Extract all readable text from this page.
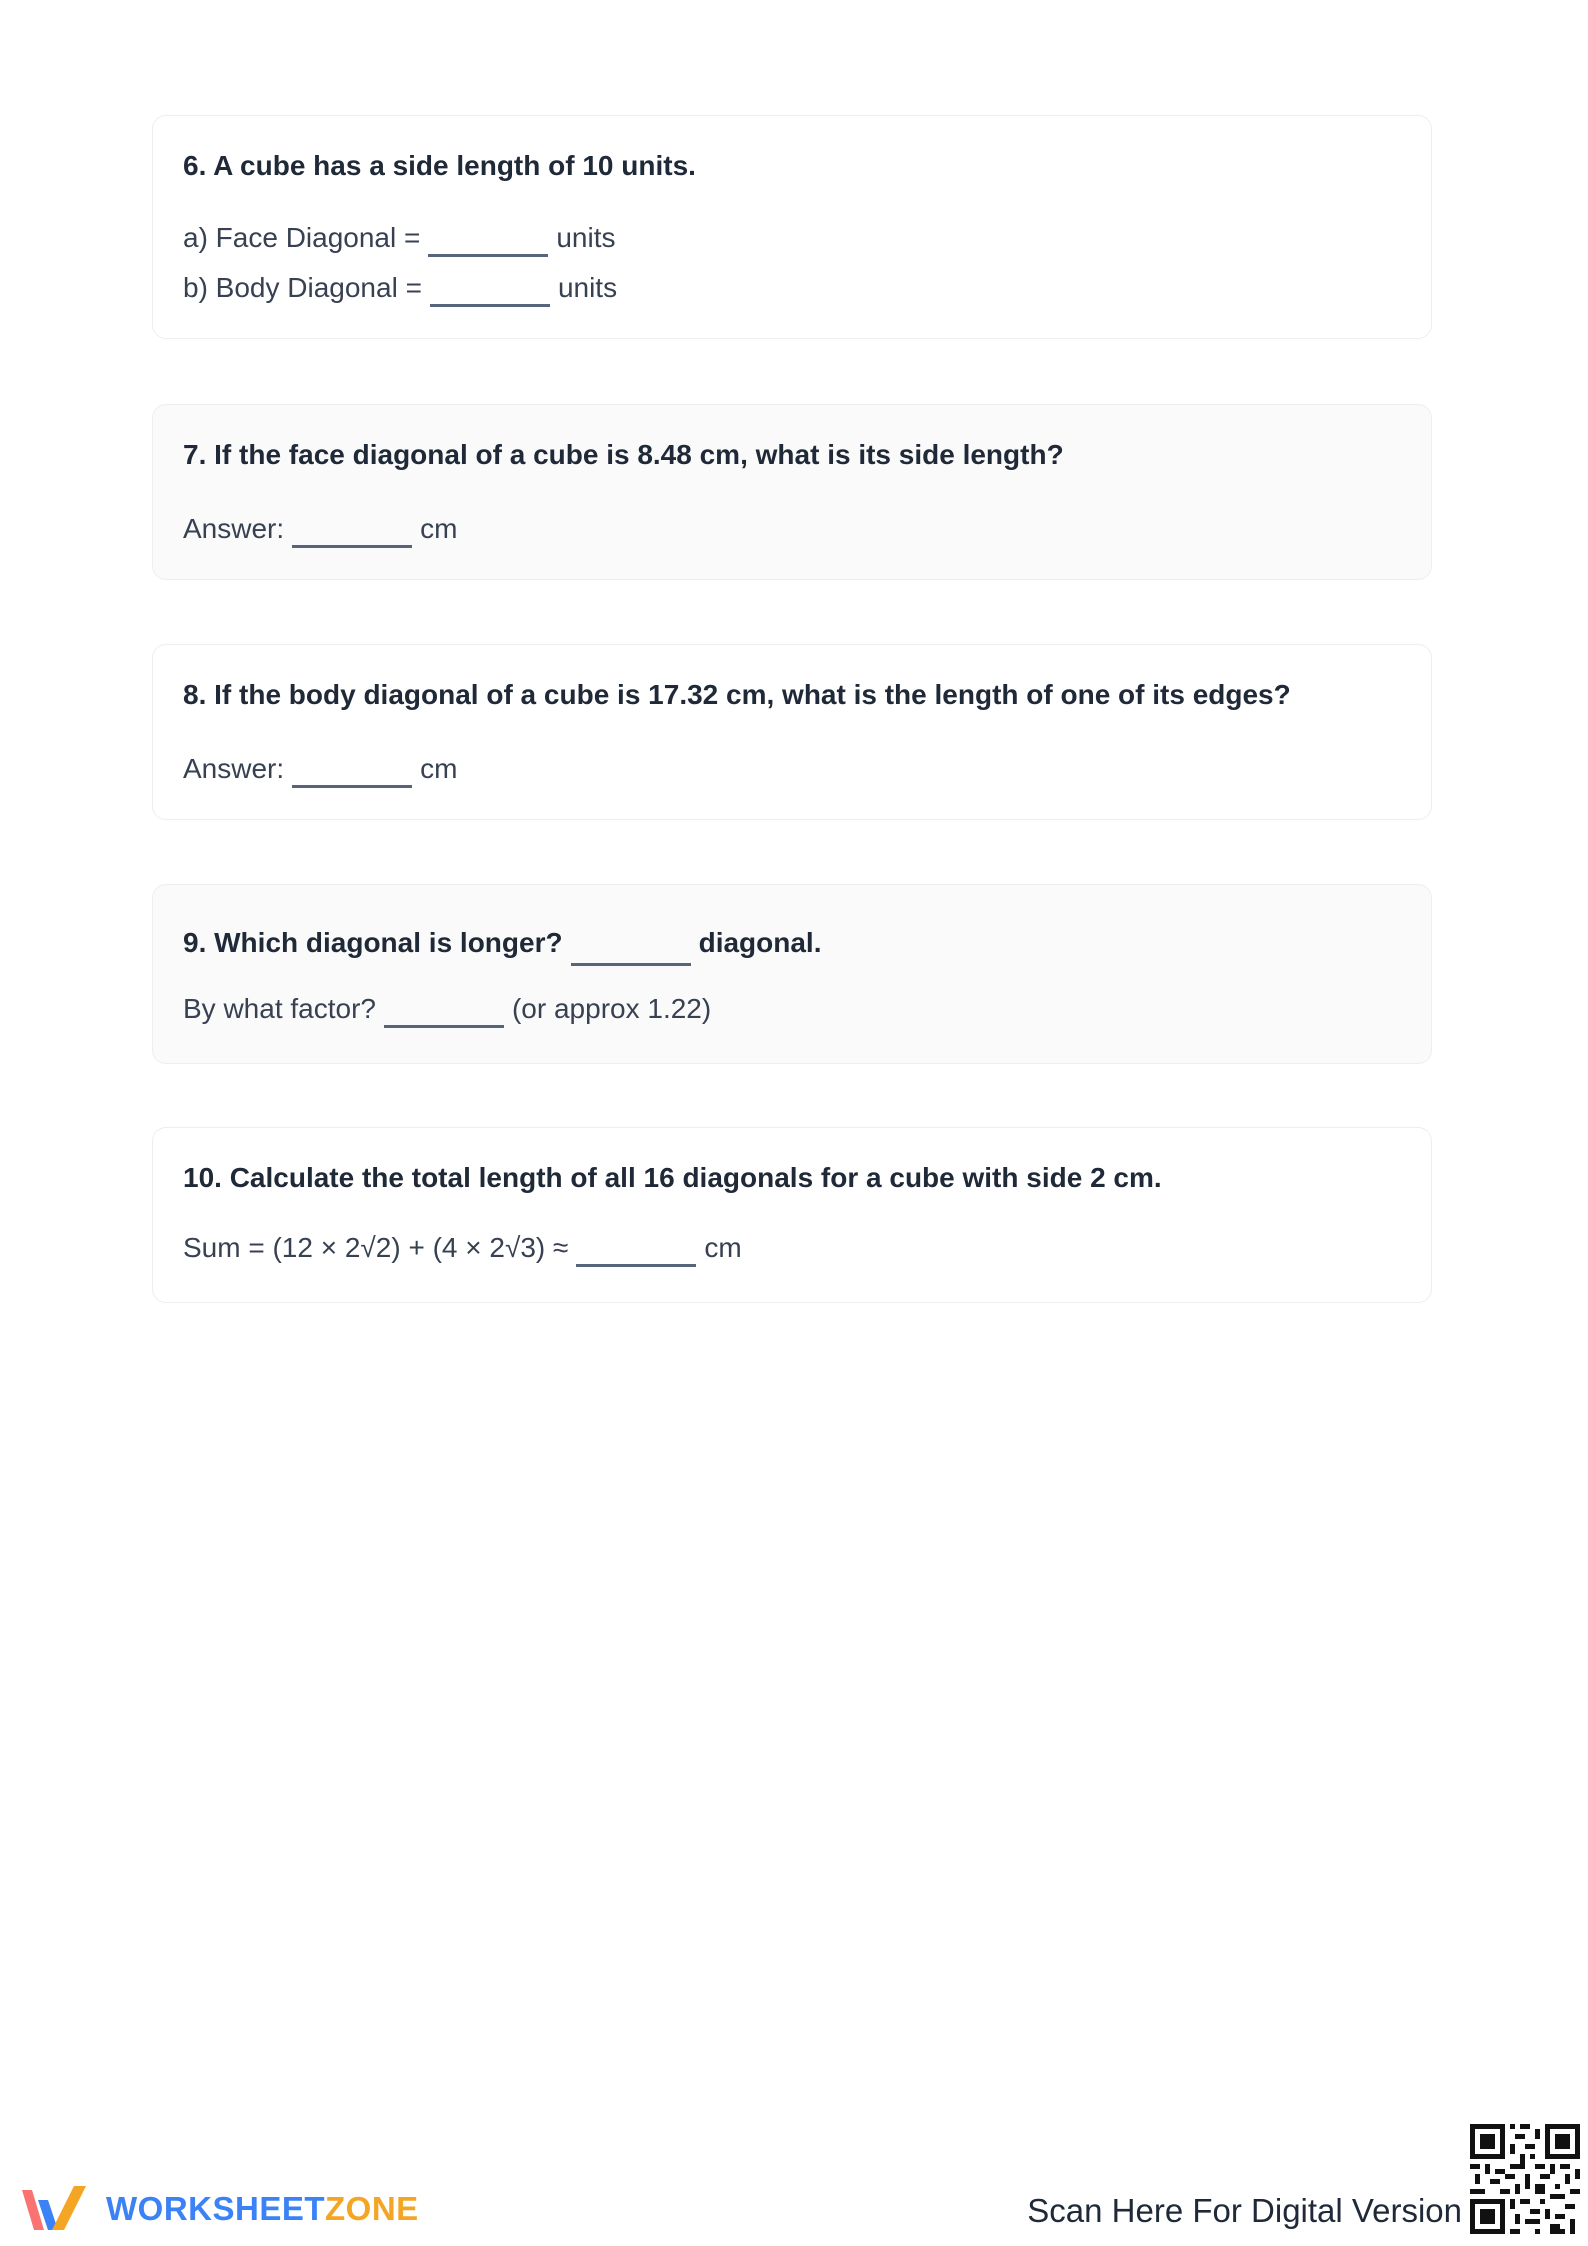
6. A cube has a side length of 10 units.

a) Face Diagonal =	units
b) Body Diagonal =	units

7. If the face diagonal of a cube is 8.48 cm, what is its side length?

Answer:	cm

8. If the body diagonal of a cube is 17.32 cm, what is the length of one of its edges?

Answer:	cm
9. Which diagonal is longer?	diagonal.
By what factor?	(or approx 1.22)

10. Calculate the total length of all 16 diagonals for a cube with side 2 cm.

Sum = (12 × 2√2) + (4 × 2√3) ≈	cm
WORKSHEETZONE	Scan Here For Digital Version
